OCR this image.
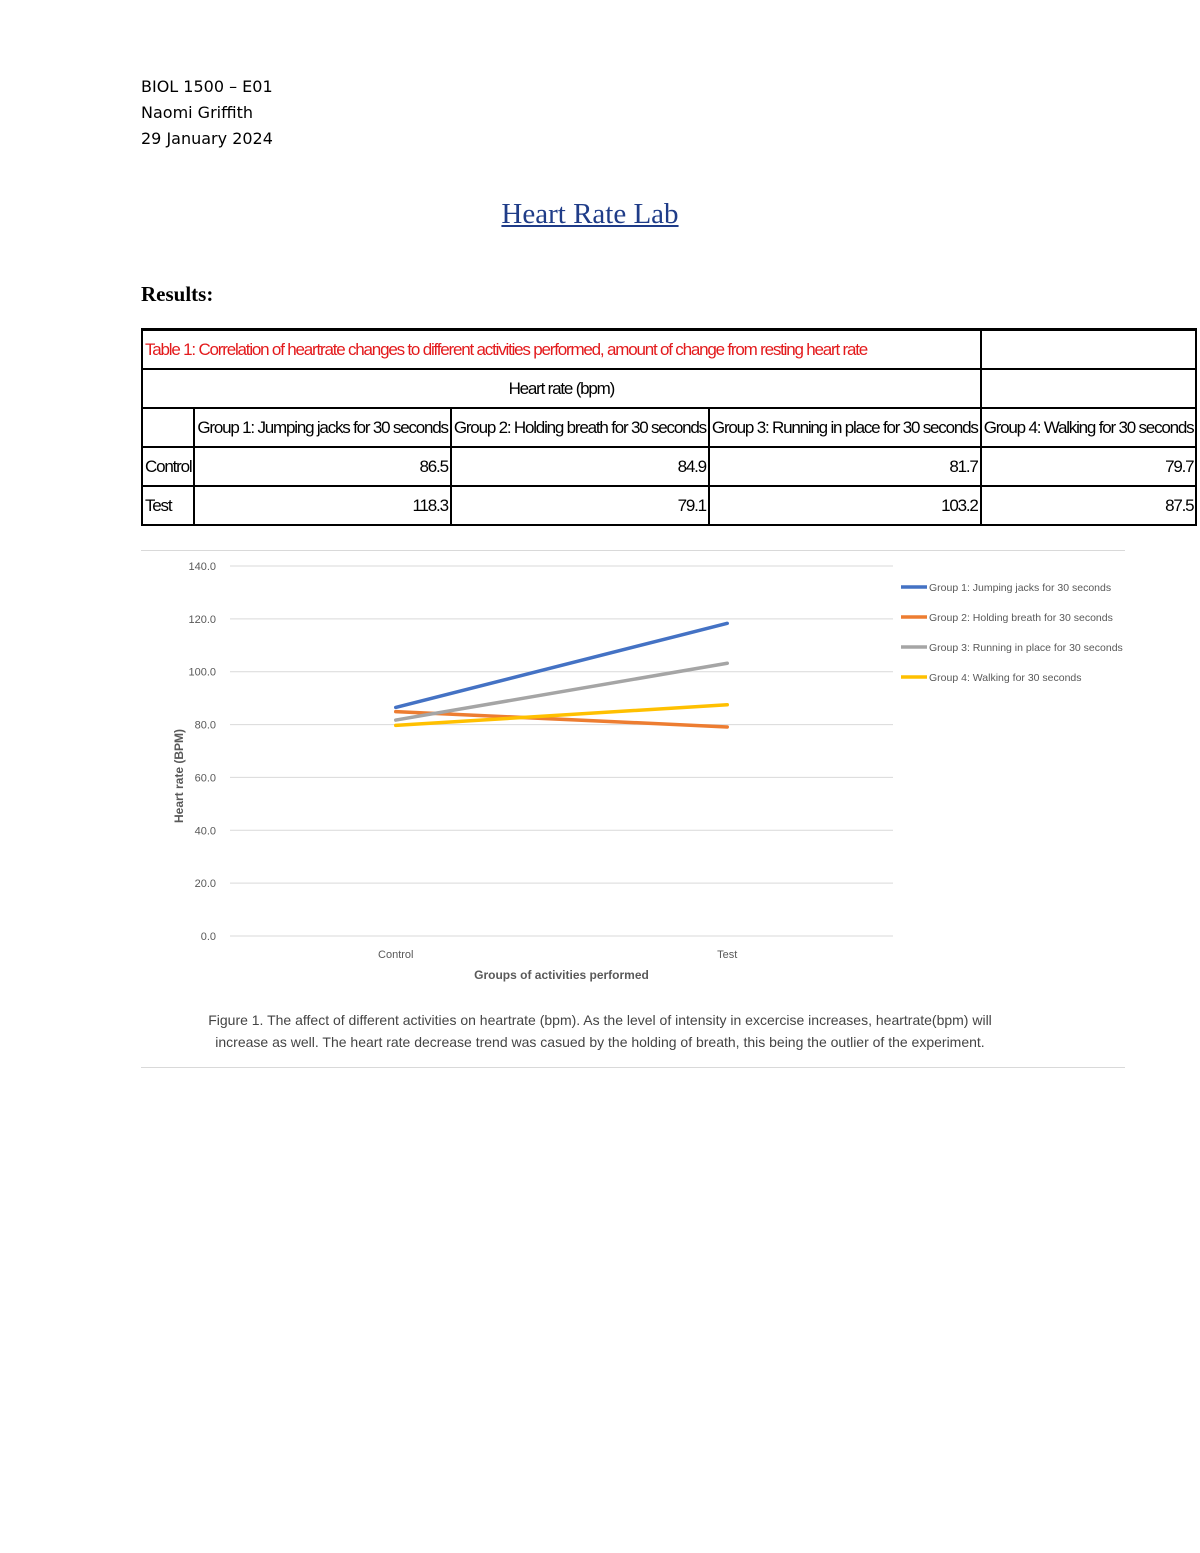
BIOL 1500 – E01
Naomi Griffith
29 January 2024
Heart Rate Lab
Results:
Table 1: Correlation of heartrate changes to different activities performed, amount of change from resting heart rate				
Heart rate (bpm)				
	Group 1: Jumping jacks for 30 seconds	Group 2: Holding breath for 30 seconds	Group 3: Running in place for 30 seconds	Group 4: Walking for 30 seconds
Control	86.5	84.9	81.7	79.7
Test	118.3	79.1	103.2	87.5
0.0
20.0
40.0
60.0
80.0
100.0
120.0
140.0
Control	Test
Groups of activities performed
Heart rate (BPM)
Group 1: Jumping jacks for 30 seconds
Group 2: Holding breath for 30 seconds
Group 3: Running in place for 30 seconds
Group 4: Walking for 30 seconds
Figure 1. The affect of different activities on heartrate (bpm). As the level of intensity in excercise increases, heartrate(bpm) will increase as well. The heart rate decrease trend was casued by the holding of breath, this being the outlier of the experiment.
